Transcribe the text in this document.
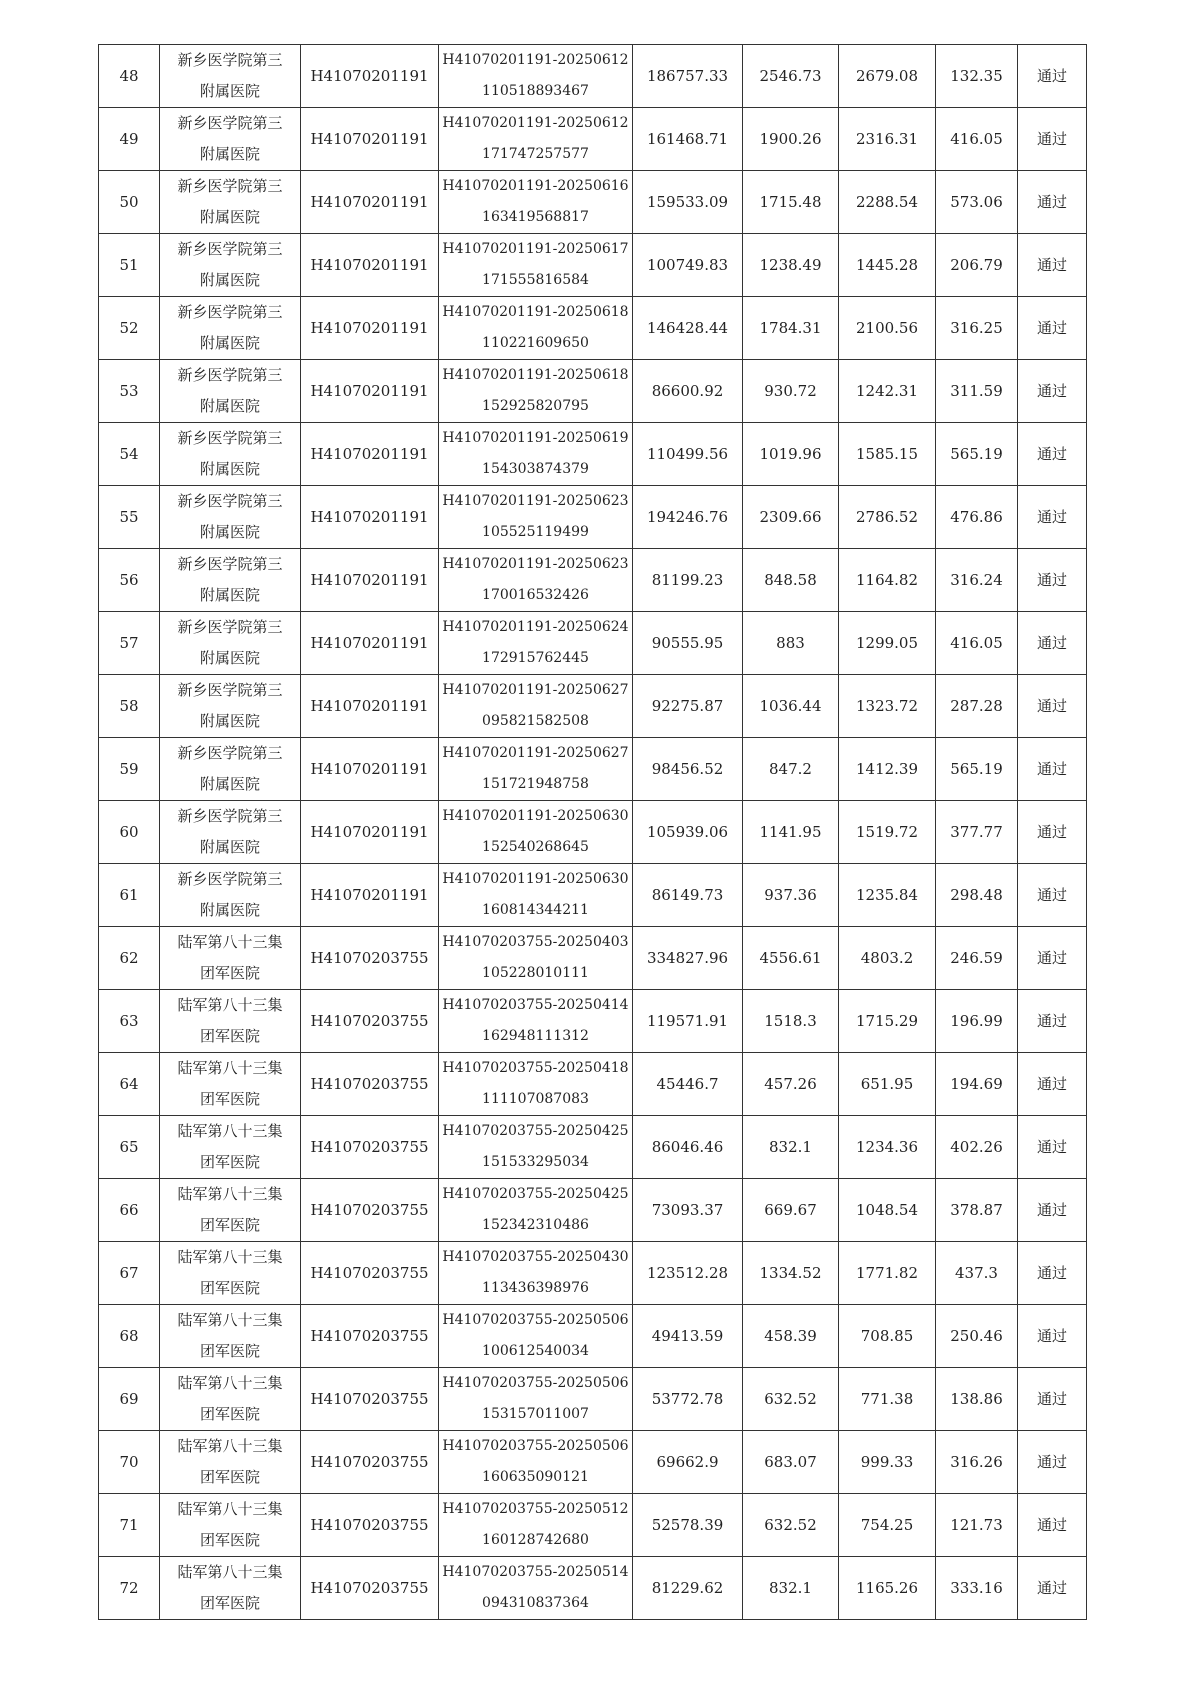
48	新乡医学院第三
附属医院	H41070201191	H41070201191-20250612
110518893467	186757.33	2546.73	2679.08	132.35	通过
49	新乡医学院第三
附属医院	H41070201191	H41070201191-20250612
171747257577	161468.71	1900.26	2316.31	416.05	通过
50	新乡医学院第三
附属医院	H41070201191	H41070201191-20250616
163419568817	159533.09	1715.48	2288.54	573.06	通过
51	新乡医学院第三
附属医院	H41070201191	H41070201191-20250617
171555816584	100749.83	1238.49	1445.28	206.79	通过
52	新乡医学院第三
附属医院	H41070201191	H41070201191-20250618
110221609650	146428.44	1784.31	2100.56	316.25	通过
53	新乡医学院第三
附属医院	H41070201191	H41070201191-20250618
152925820795	86600.92	930.72	1242.31	311.59	通过
54	新乡医学院第三
附属医院	H41070201191	H41070201191-20250619
154303874379	110499.56	1019.96	1585.15	565.19	通过
55	新乡医学院第三
附属医院	H41070201191	H41070201191-20250623
105525119499	194246.76	2309.66	2786.52	476.86	通过
56	新乡医学院第三
附属医院	H41070201191	H41070201191-20250623
170016532426	81199.23	848.58	1164.82	316.24	通过
57	新乡医学院第三
附属医院	H41070201191	H41070201191-20250624
172915762445	90555.95	883	1299.05	416.05	通过
58	新乡医学院第三
附属医院	H41070201191	H41070201191-20250627
095821582508	92275.87	1036.44	1323.72	287.28	通过
59	新乡医学院第三
附属医院	H41070201191	H41070201191-20250627
151721948758	98456.52	847.2	1412.39	565.19	通过
60	新乡医学院第三
附属医院	H41070201191	H41070201191-20250630
152540268645	105939.06	1141.95	1519.72	377.77	通过
61	新乡医学院第三
附属医院	H41070201191	H41070201191-20250630
160814344211	86149.73	937.36	1235.84	298.48	通过
62	陆军第八十三集
团军医院	H41070203755	H41070203755-20250403
105228010111	334827.96	4556.61	4803.2	246.59	通过
63	陆军第八十三集
团军医院	H41070203755	H41070203755-20250414
162948111312	119571.91	1518.3	1715.29	196.99	通过
64	陆军第八十三集
团军医院	H41070203755	H41070203755-20250418
111107087083	45446.7	457.26	651.95	194.69	通过
65	陆军第八十三集
团军医院	H41070203755	H41070203755-20250425
151533295034	86046.46	832.1	1234.36	402.26	通过
66	陆军第八十三集
团军医院	H41070203755	H41070203755-20250425
152342310486	73093.37	669.67	1048.54	378.87	通过
67	陆军第八十三集
团军医院	H41070203755	H41070203755-20250430
113436398976	123512.28	1334.52	1771.82	437.3	通过
68	陆军第八十三集
团军医院	H41070203755	H41070203755-20250506
100612540034	49413.59	458.39	708.85	250.46	通过
69	陆军第八十三集
团军医院	H41070203755	H41070203755-20250506
153157011007	53772.78	632.52	771.38	138.86	通过
70	陆军第八十三集
团军医院	H41070203755	H41070203755-20250506
160635090121	69662.9	683.07	999.33	316.26	通过
71	陆军第八十三集
团军医院	H41070203755	H41070203755-20250512
160128742680	52578.39	632.52	754.25	121.73	通过
72	陆军第八十三集
团军医院	H41070203755	H41070203755-20250514
094310837364	81229.62	832.1	1165.26	333.16	通过
